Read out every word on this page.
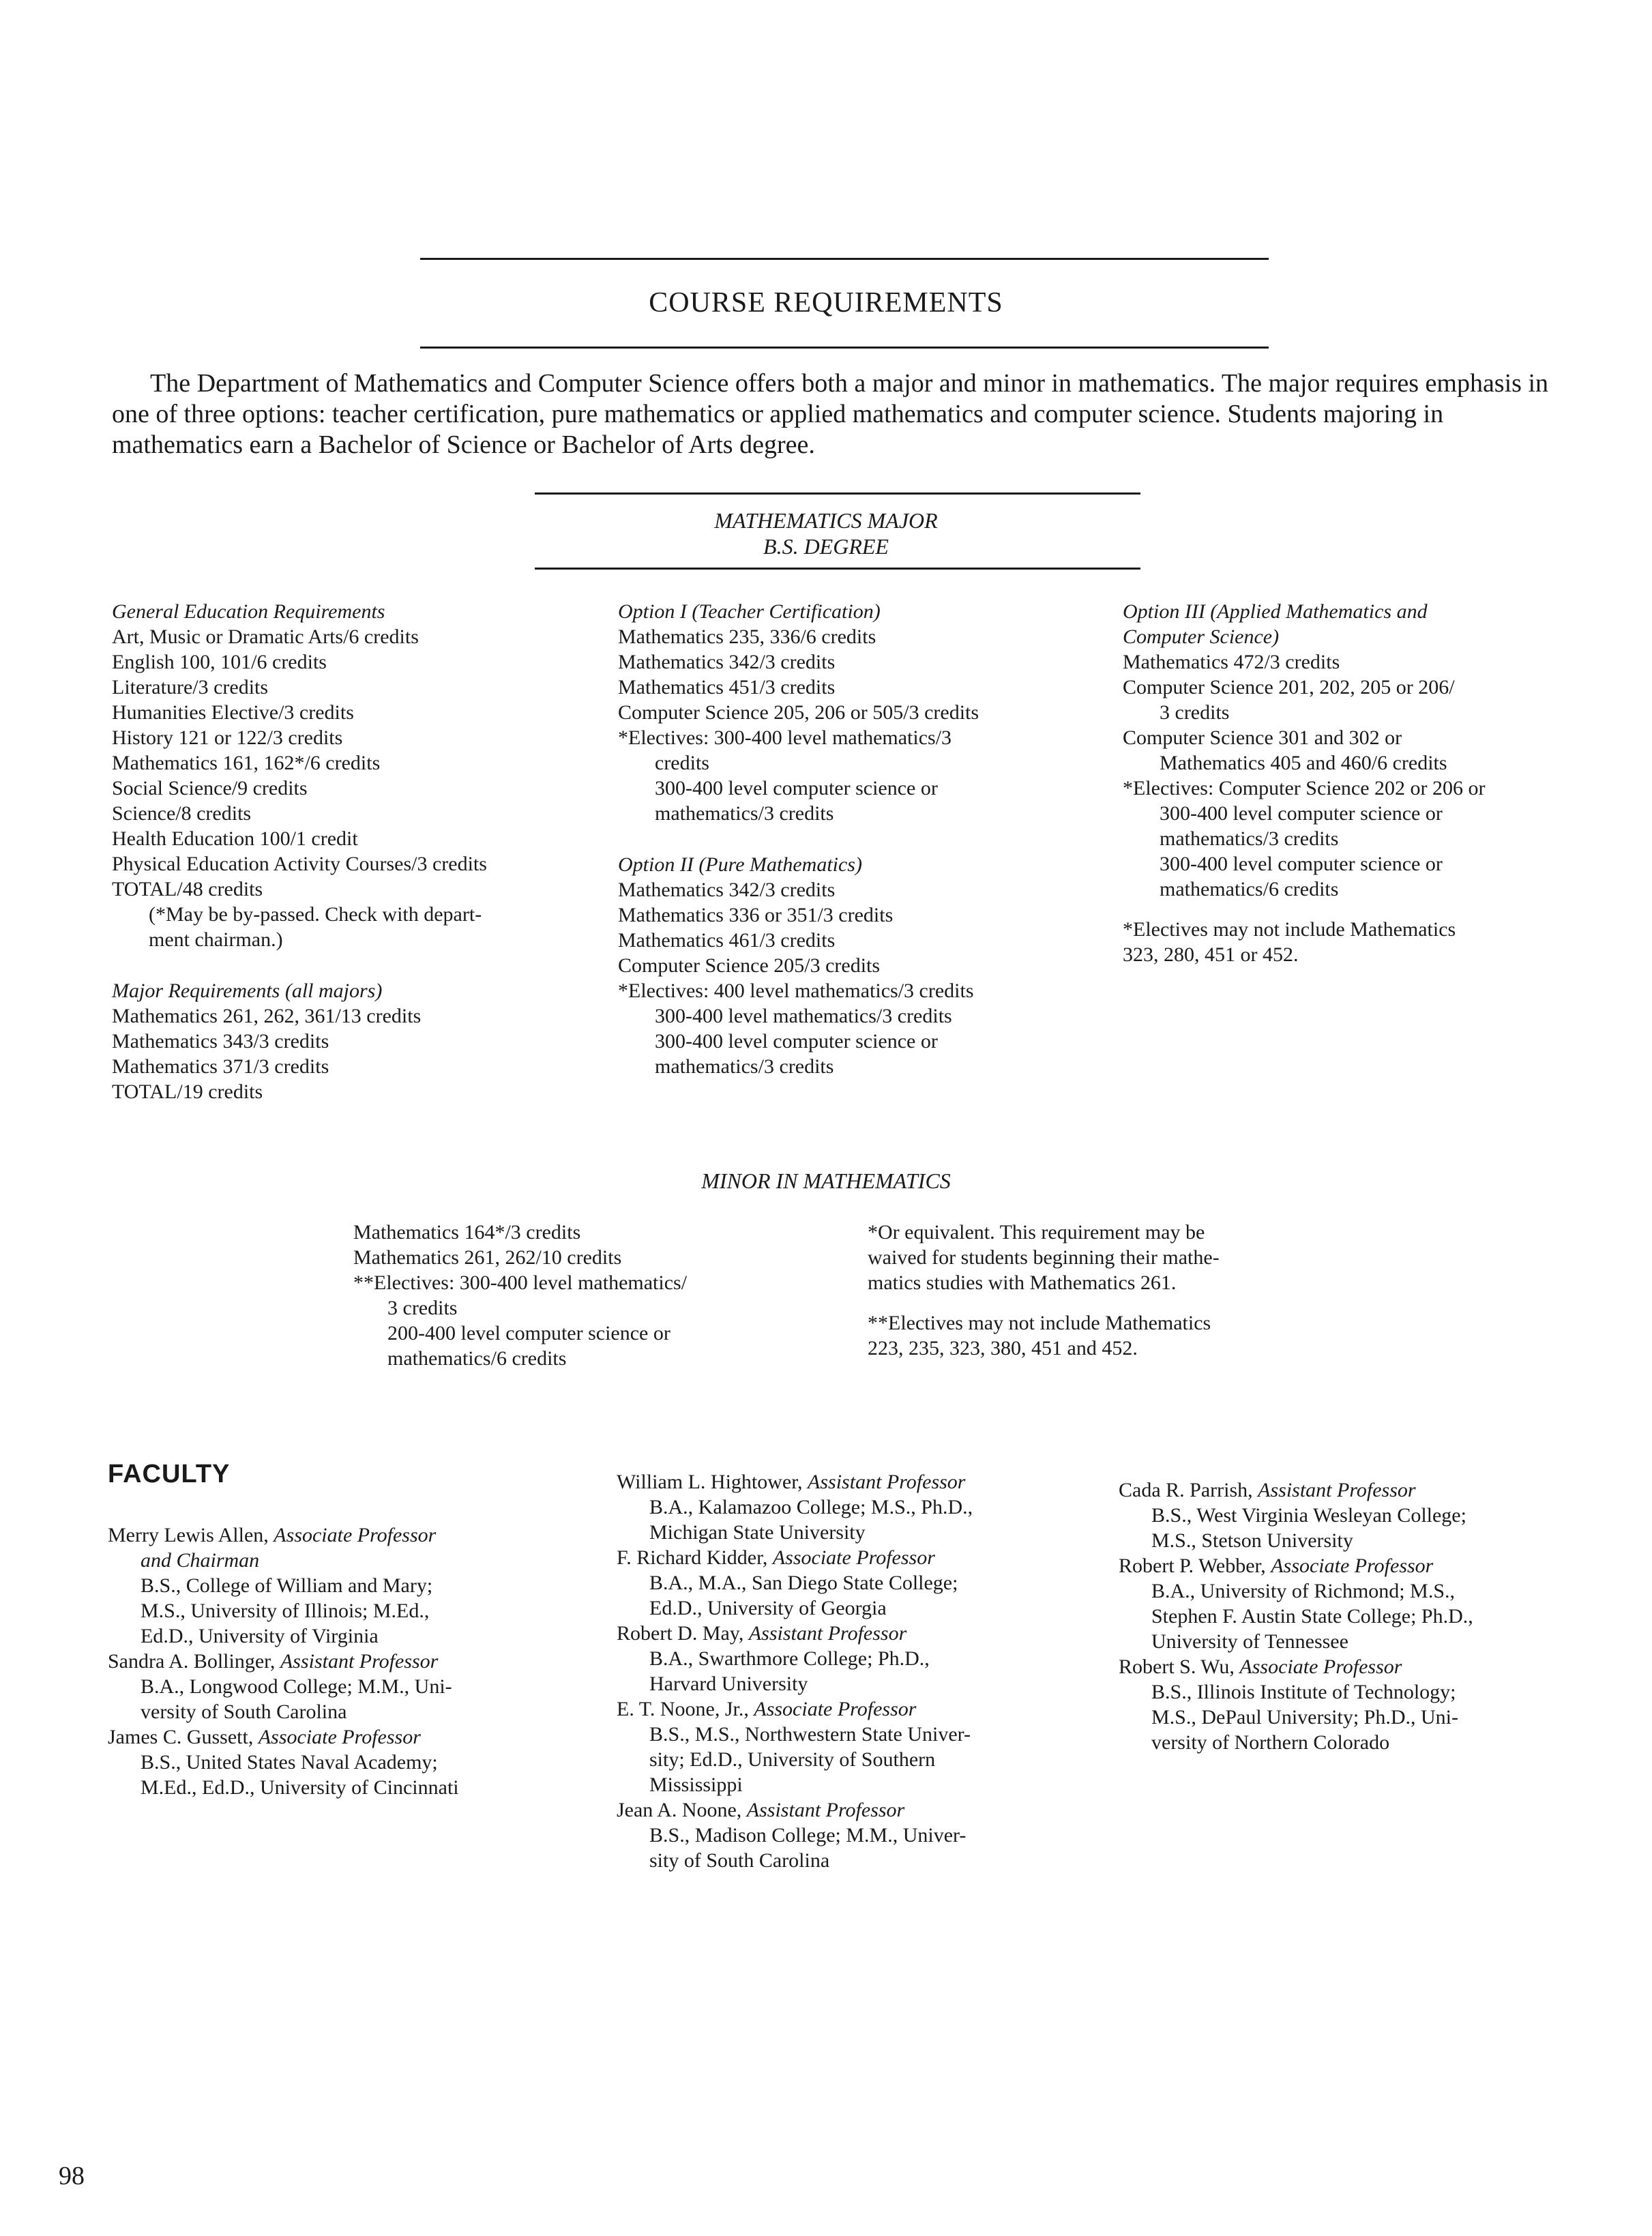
COURSE REQUIREMENTS

The Department of Mathematics and Computer Science offers both a major and minor in mathematics. The major requires emphasis in one of three options: teacher certification, pure mathematics or applied mathematics and computer science. Students majoring in mathematics earn a Bachelor of Science or Bachelor of Arts degree.

MATHEMATICS MAJOR
B.S. DEGREE
General Education Requirements
Art, Music or Dramatic Arts/6 credits
English 100, 101/6 credits
Literature/3 credits
Humanities Elective/3 credits
History 121 or 122/3 credits
Mathematics 161, 162*/6 credits
Social Science/9 credits
Science/8 credits
Health Education 100/1 credit
Physical Education Activity Courses/3 credits
TOTAL/48 credits
(*May be by-passed. Check with depart-
ment chairman.)
Major Requirements (all majors)
Mathematics 261, 262, 361/13 credits
Mathematics 343/3 credits
Mathematics 371/3 credits
TOTAL/19 credits
Option I (Teacher Certification)
Mathematics 235, 336/6 credits
Mathematics 342/3 credits
Mathematics 451/3 credits
Computer Science 205, 206 or 505/3 credits
*Electives: 300-400 level mathematics/3
credits
300-400 level computer science or
mathematics/3 credits
Option II (Pure Mathematics)
Mathematics 342/3 credits
Mathematics 336 or 351/3 credits
Mathematics 461/3 credits
Computer Science 205/3 credits
*Electives: 400 level mathematics/3 credits
300-400 level mathematics/3 credits
300-400 level computer science or
mathematics/3 credits
Option III (Applied Mathematics and
Computer Science)
Mathematics 472/3 credits
Computer Science 201, 202, 205 or 206/
3 credits
Computer Science 301 and 302 or
Mathematics 405 and 460/6 credits
*Electives: Computer Science 202 or 206 or
300-400 level computer science or
mathematics/3 credits
300-400 level computer science or
mathematics/6 credits
*Electives may not include Mathematics
323, 280, 451 or 452.
MINOR IN MATHEMATICS
Mathematics 164*/3 credits
Mathematics 261, 262/10 credits
**Electives: 300-400 level mathematics/
3 credits
200-400 level computer science or
mathematics/6 credits
*Or equivalent. This requirement may be
waived for students beginning their mathe-
matics studies with Mathematics 261.
**Electives may not include Mathematics
223, 235, 323, 380, 451 and 452.
FACULTY
Merry Lewis Allen, Associate Professor
and Chairman
B.S., College of William and Mary;
M.S., University of Illinois; M.Ed.,
Ed.D., University of Virginia
Sandra A. Bollinger, Assistant Professor
B.A., Longwood College; M.M., Uni-
versity of South Carolina
James C. Gussett, Associate Professor
B.S., United States Naval Academy;
M.Ed., Ed.D., University of Cincinnati
William L. Hightower, Assistant Professor
B.A., Kalamazoo College; M.S., Ph.D.,
Michigan State University
F. Richard Kidder, Associate Professor
B.A., M.A., San Diego State College;
Ed.D., University of Georgia
Robert D. May, Assistant Professor
B.A., Swarthmore College; Ph.D.,
Harvard University
E. T. Noone, Jr., Associate Professor
B.S., M.S., Northwestern State Univer-
sity; Ed.D., University of Southern
Mississippi
Jean A. Noone, Assistant Professor
B.S., Madison College; M.M., Univer-
sity of South Carolina
Cada R. Parrish, Assistant Professor
B.S., West Virginia Wesleyan College;
M.S., Stetson University
Robert P. Webber, Associate Professor
B.A., University of Richmond; M.S.,
Stephen F. Austin State College; Ph.D.,
University of Tennessee
Robert S. Wu, Associate Professor
B.S., Illinois Institute of Technology;
M.S., DePaul University; Ph.D., Uni-
versity of Northern Colorado
98
